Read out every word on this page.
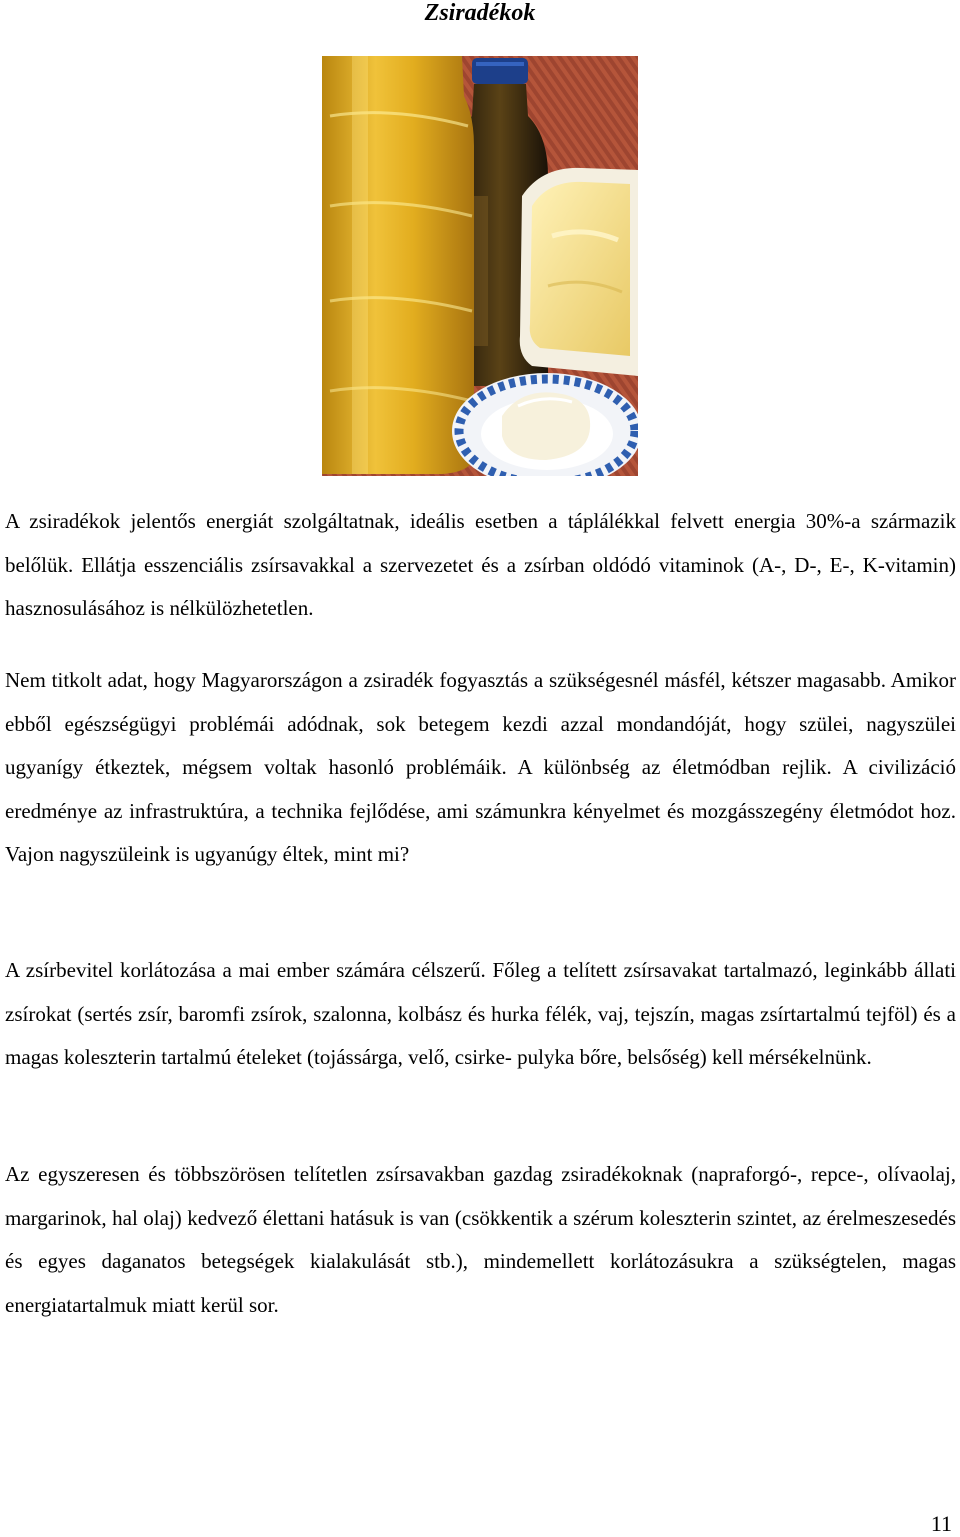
Zsiradékok

A zsiradékok jelentős energiát szolgáltatnak, ideális esetben a táplálékkal felvett energia 30%-a származik belőlük. Ellátja esszenciális zsírsavakkal a szervezetet és a zsírban oldódó vitaminok (A-, D-, E-, K-vitamin) hasznosulásához is nélkülözhetetlen.

Nem titkolt adat, hogy Magyarországon a zsiradék fogyasztás a szükségesnél másfél, kétszer magasabb. Amikor ebből egészségügyi problémái adódnak, sok betegem kezdi azzal mondandóját, hogy szülei, nagyszülei ugyanígy étkeztek, mégsem voltak hasonló problémáik. A különbség az életmódban rejlik. A civilizáció eredménye az infrastruktúra, a technika fejlődése, ami számunkra kényelmet és mozgásszegény életmódot hoz. Vajon nagyszüleink is ugyanúgy éltek, mint mi?

A zsírbevitel korlátozása a mai ember számára célszerű. Főleg a telített zsírsavakat tartalmazó, leginkább állati zsírokat (sertés zsír, baromfi zsírok, szalonna, kolbász és hurka félék, vaj, tejszín, magas zsírtartalmú tejföl) és a magas koleszterin tartalmú ételeket (tojássárga, velő, csirke- pulyka bőre, belsőség) kell mérsékelnünk.

Az egyszeresen és többszörösen telítetlen zsírsavakban gazdag zsiradékoknak (napraforgó-, repce-, olívaolaj, margarinok, hal olaj) kedvező élettani hatásuk is van (csökkentik a szérum koleszterin szintet, az érelmeszesedés és egyes daganatos betegségek kialakulását stb.), mindemellett korlátozásukra a szükségtelen, magas energiatartalmuk miatt kerül sor.

11
